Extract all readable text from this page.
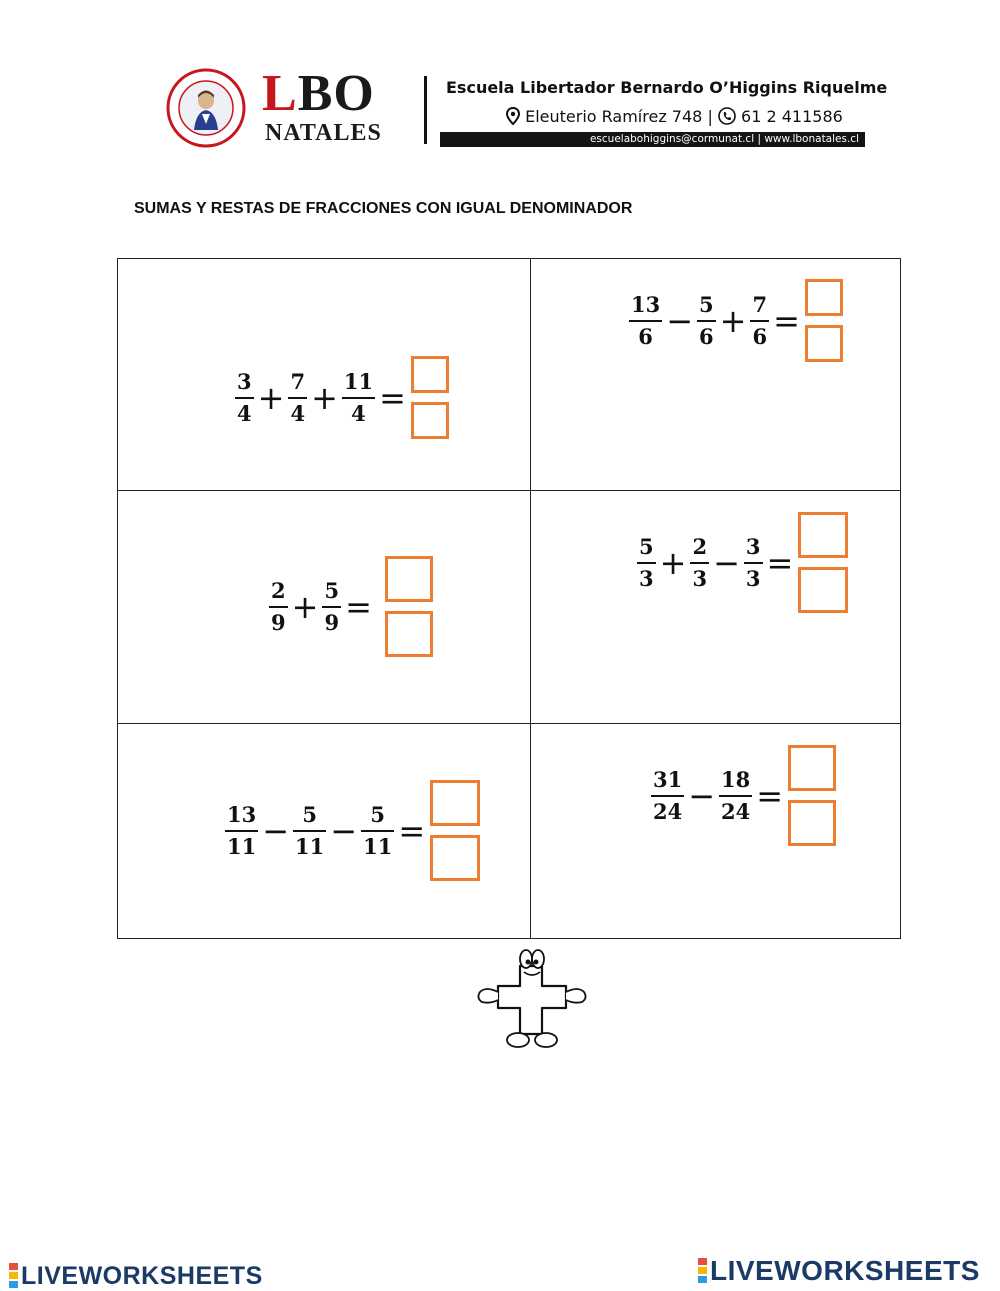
LBO
NATALES
Escuela Libertador Bernardo O’Higgins Riquelme
Eleuterio Ramírez 748 | 61 2 411586
escuelabohiggins@cormunat.cl | www.lbonatales.cl
SUMAS Y RESTAS DE FRACCIONES CON IGUAL DENOMINADOR
$\frac{3}{4} + \frac{7}{4} + \frac{11}{4}$ =
$\frac{13}{6} - \frac{5}{6} + \frac{7}{6}$ =
$\frac{2}{9} + \frac{5}{9}$ =
$\frac{5}{3} + \frac{2}{3} - \frac{3}{3}$ =
$\frac{13}{11} - \frac{5}{11} - \frac{5}{11}$ =
$\frac{31}{24} - \frac{18}{24}$ =
LIVEWORKSHEETS	LIVEWORKSHEETS
